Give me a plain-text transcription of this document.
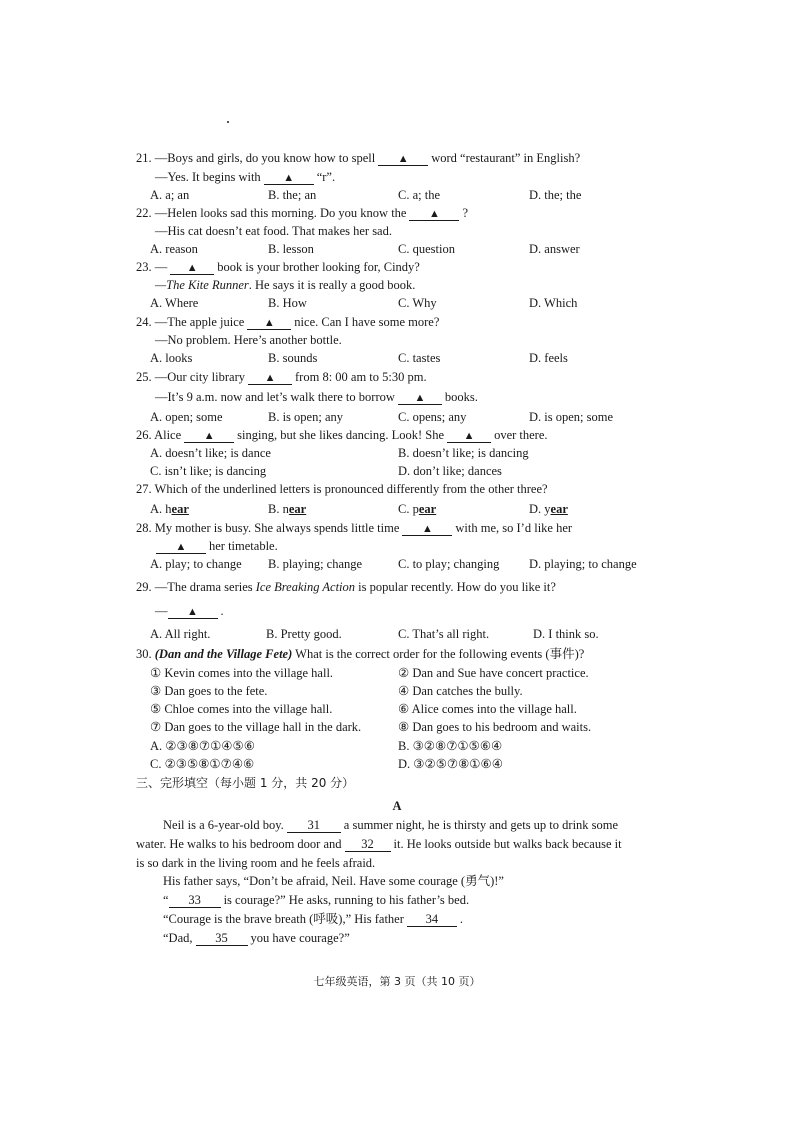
21. —Boys and girls, do you know how to spell ▲ word “restaurant” in English?
—Yes. It begins with ▲ “r”.
A. a; an	B. the; an	C. a; the	D. the; the
22. —Helen looks sad this morning. Do you know the ▲ ?
—His cat doesn’t eat food. That makes her sad.
A. reason	B. lesson	C. question	D. answer
23. — ▲ book is your brother looking for, Cindy?
—The Kite Runner. He says it is really a good book.
A. Where	B. How	C. Why	D. Which
24. —The apple juice ▲ nice. Can I have some more?
—No problem. Here’s another bottle.
A. looks	B. sounds	C. tastes	D. feels
25. —Our city library ▲ from 8: 00 am to 5:30 pm.
—It’s 9 a.m. now and let’s walk there to borrow ▲ books.
A. open; some	B. is open; any	C. opens; any	D. is open; some
26. Alice ▲ singing, but she likes dancing. Look! She ▲ over there.
A. doesn’t like; is dance	B. doesn’t like; is dancing
C. isn’t like; is dancing	D. don’t like; dances
27. Which of the underlined letters is pronounced differently from the other three?
A. hear	B. near	C. pear	D. year
28. My mother is busy. She always spends little time ▲ with me, so I’d like her
▲ her timetable.
A. play; to change B. playing; change	C. to play; changing D. playing; to change
29. —The drama series Ice Breaking Action is popular recently. How do you like it?
— ▲ .
A. All right.	B. Pretty good.	C. That’s all right.	D. I think so.
30. (Dan and the Village Fete) What is the correct order for the following events (事件)?
① Kevin comes into the village hall.	② Dan and Sue have concert practice.
③ Dan goes to the fete.	④ Dan catches the bully.
⑤ Chloe comes into the village hall.	⑥ Alice comes into the village hall.
⑦ Dan goes to the village hall in the dark.	⑧ Dan goes to his bedroom and waits.
A. ②③⑧⑦①④⑤⑥	B. ③②⑧⑦①⑤⑥④
C. ②③⑤⑧①⑦④⑥	D. ③②⑤⑦⑧①⑥④
三、完形填空（每小题 1 分，共 20 分）
A
Neil is a 6-year-old boy. 31 a summer night, he is thirsty and gets up to drink some
water. He walks to his bedroom door and 32 it. He looks outside but walks back because it
is so dark in the living room and he feels afraid.
His father says, “Don’t be afraid, Neil. Have some courage (勇气)!”
“ 33 is courage?” He asks, running to his father’s bed.
“Courage is the brave breath (呼吸),” His father 34 .
“Dad, 35 you have courage?”
七年级英语，第 3 页（共 10 页）
